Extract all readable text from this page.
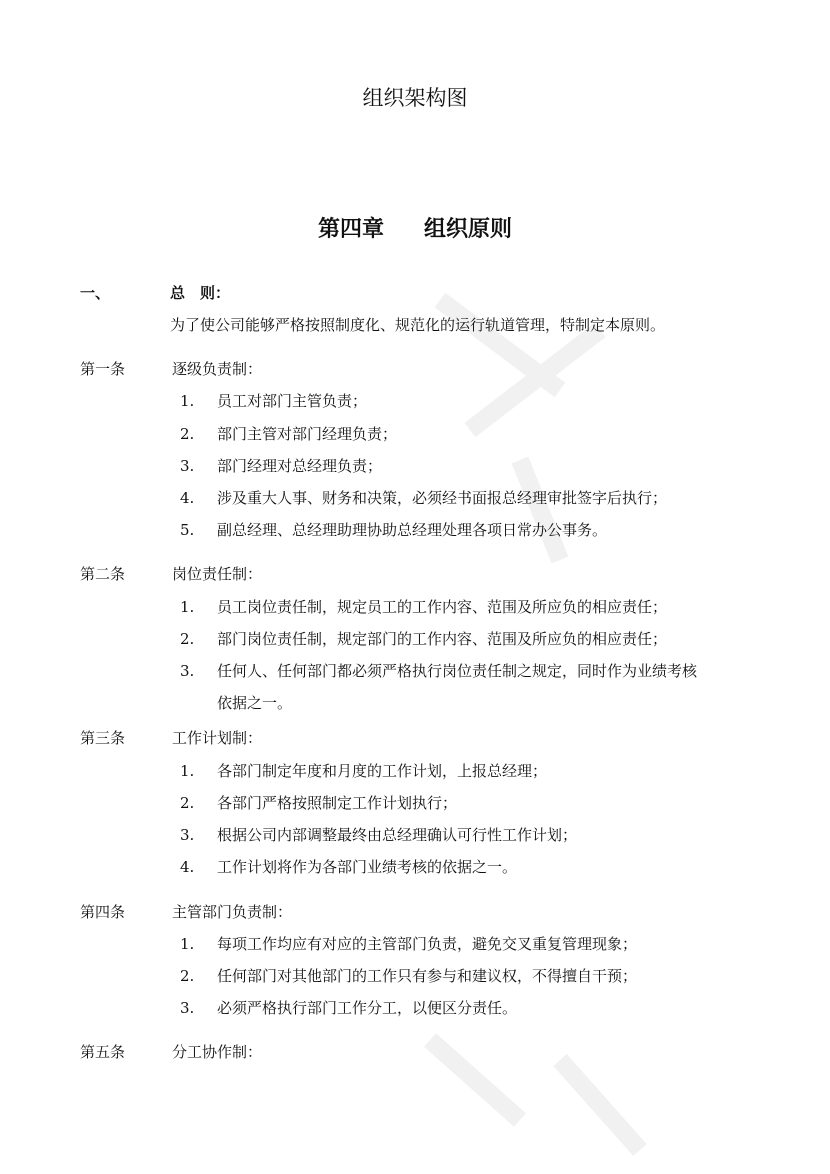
组织架构图
第四章 组织原则
一、	总　则：
为了使公司能够严格按照制度化、规范化的运行轨道管理，特制定本原则。
第一条	逐级负责制：
1. 员工对部门主管负责；
2. 部门主管对部门经理负责；
3. 部门经理对总经理负责；
4. 涉及重大人事、财务和决策，必须经书面报总经理审批签字后执行；
5. 副总经理、总经理助理协助总经理处理各项日常办公事务。
第二条	岗位责任制：
1. 员工岗位责任制，规定员工的工作内容、范围及所应负的相应责任；
2. 部门岗位责任制，规定部门的工作内容、范围及所应负的相应责任；
3. 任何人、任何部门都必须严格执行岗位责任制之规定，同时作为业绩考核
依据之一。
第三条	工作计划制：
1. 各部门制定年度和月度的工作计划，上报总经理；
2. 各部门严格按照制定工作计划执行；
3. 根据公司内部调整最终由总经理确认可行性工作计划；
4. 工作计划将作为各部门业绩考核的依据之一。
第四条	主管部门负责制：
1. 每项工作均应有对应的主管部门负责，避免交叉重复管理现象；
2. 任何部门对其他部门的工作只有参与和建议权，不得擅自干预；
3. 必须严格执行部门工作分工，以便区分责任。
第五条	分工协作制：
